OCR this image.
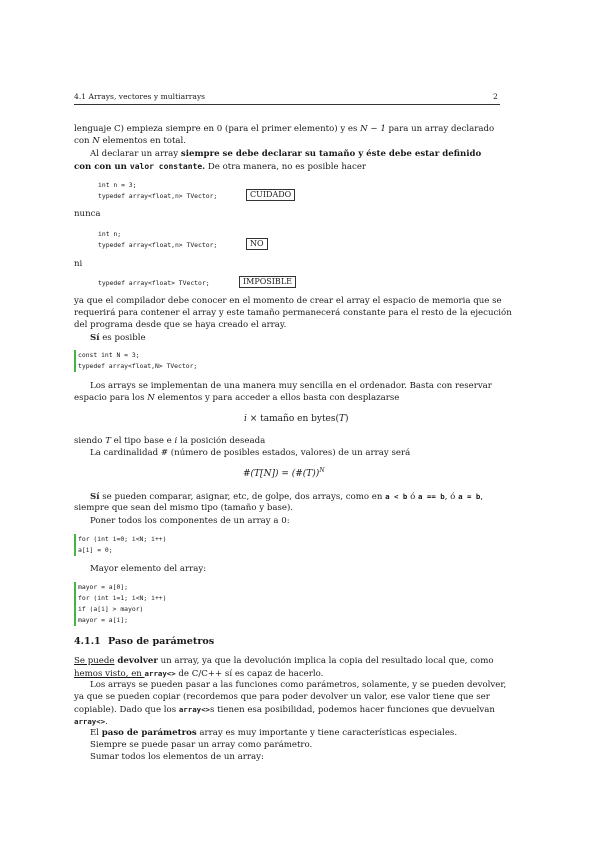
4.1 Arrays, vectores y multiarrays	2
lenguaje C) empieza siempre en 0 (para el primer elemento) y es N − 1 para un array declarado
con N elementos en total.
Al declarar un array siempre se debe declarar su tamaño y éste debe estar definido
con con un valor constante. De otra manera, no es posible hacer
int n = 3;
typedef array<float,n> TVector;	CUIDADO
nunca
int n;
typedef array<float,n> TVector;	NO
ni
typedef array<float> TVector;	IMPOSIBLE
ya que el compilador debe conocer en el momento de crear el array el espacio de memoria que se
requerirá para contener el array y este tamaño permanecerá constante para el resto de la ejecución
del programa desde que se haya creado el array.
Sí es posible
const int N = 3;
typedef array<float,N> TVector;
Los arrays se implementan de una manera muy sencilla en el ordenador. Basta con reservar
espacio para los N elementos y para acceder a ellos basta con desplazarse
i × tamaño en bytes(T)
siendo T el tipo base e i la posición deseada
La cardinalidad # (número de posibles estados, valores) de un array será
#(T[N]) = (#(T))$^N$
Sí se pueden comparar, asignar, etc, de golpe, dos arrays, como en a < b ó a == b, ó a = b,
siempre que sean del mismo tipo (tamaño y base).
Poner todos los componentes de un array a 0:
for (int i=0; i<N; i++)
a[i] = 0;
Mayor elemento del array:
mayor = a[0];
for (int i=1; i<N; i++)
if (a[i] > mayor)
mayor = a[i];
4.1.1 Paso de parámetros
Se puede devolver un array, ya que la devolución implica la copia del resultado local que, como
hemos visto, en array<> de C/C++ sí es capaz de hacerlo.
Los arrays se pueden pasar a las funciones como parámetros, solamente, y se pueden devolver,
ya que se pueden copiar (recordemos que para poder devolver un valor, ese valor tiene que ser
copiable). Dado que los array<>s tienen esa posibilidad, podemos hacer funciones que devuelvan
array<>.
El paso de parámetros array es muy importante y tiene características especiales.
Siempre se puede pasar un array como parámetro.
Sumar todos los elementos de un array:
